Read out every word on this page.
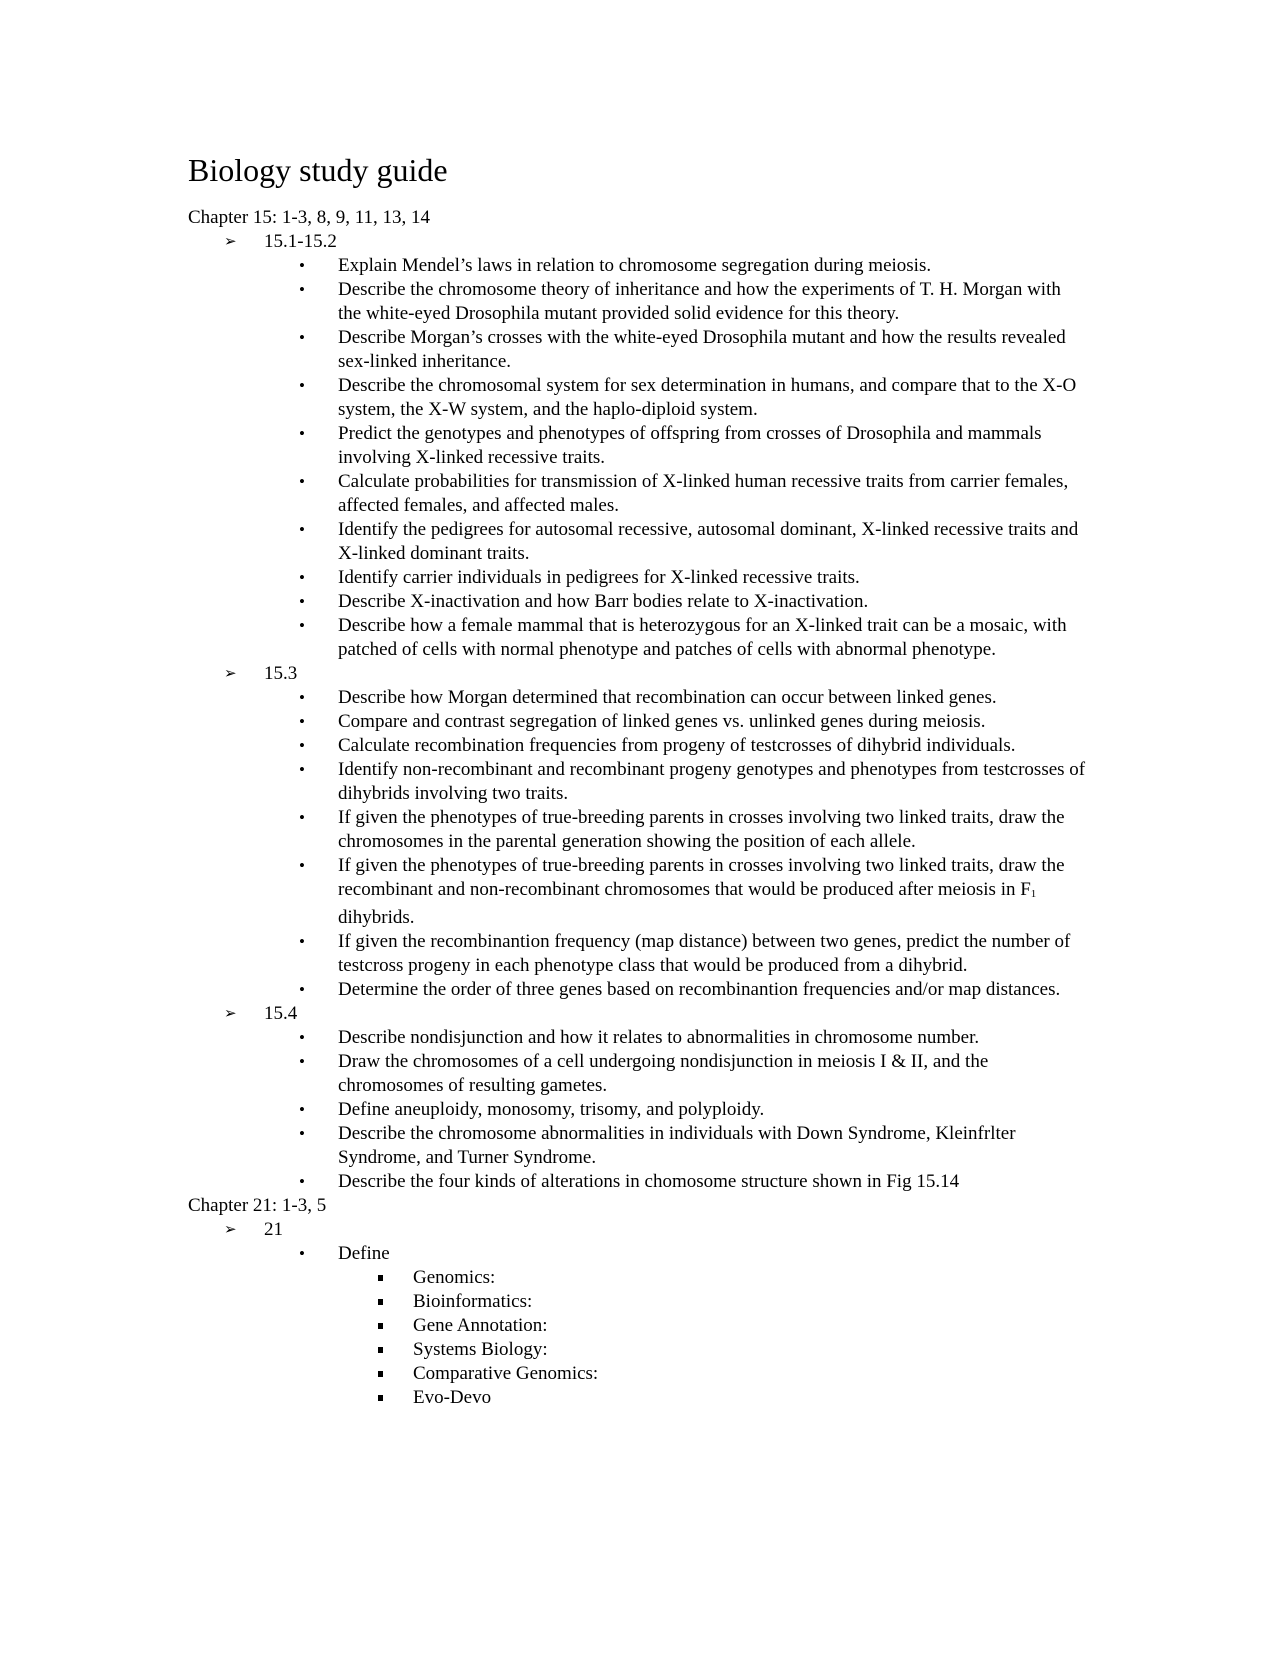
Biology study guide
Chapter 15: 1-3, 8, 9, 11, 13, 14
➢ 15.1-15.2
• Explain Mendel’s laws in relation to chromosome segregation during meiosis.
• Describe the chromosome theory of inheritance and how the experiments of T. H. Morgan with the white-eyed Drosophila mutant provided solid evidence for this theory.
• Describe Morgan’s crosses with the white-eyed Drosophila mutant and how the results revealed sex-linked inheritance.
• Describe the chromosomal system for sex determination in humans, and compare that to the X-O system, the X-W system, and the haplo-diploid system.
• Predict the genotypes and phenotypes of offspring from crosses of Drosophila and mammals involving X-linked recessive traits.
• Calculate probabilities for transmission of X-linked human recessive traits from carrier females, affected females, and affected males.
• Identify the pedigrees for autosomal recessive, autosomal dominant, X-linked recessive traits and X-linked dominant traits.
• Identify carrier individuals in pedigrees for X-linked recessive traits.
• Describe X-inactivation and how Barr bodies relate to X-inactivation.
• Describe how a female mammal that is heterozygous for an X-linked trait can be a mosaic, with patched of cells with normal phenotype and patches of cells with abnormal phenotype.
➢ 15.3
• Describe how Morgan determined that recombination can occur between linked genes.
• Compare and contrast segregation of linked genes vs. unlinked genes during meiosis.
• Calculate recombination frequencies from progeny of testcrosses of dihybrid individuals.
• Identify non-recombinant and recombinant progeny genotypes and phenotypes from testcrosses of dihybrids involving two traits.
• If given the phenotypes of true-breeding parents in crosses involving two linked traits, draw the chromosomes in the parental generation showing the position of each allele.
• If given the phenotypes of true-breeding parents in crosses involving two linked traits, draw the recombinant and non-recombinant chromosomes that would be produced after meiosis in $F_1$ dihybrids.
• If given the recombinantion frequency (map distance) between two genes, predict the number of testcross progeny in each phenotype class that would be produced from a dihybrid.
• Determine the order of three genes based on recombinantion frequencies and/or map distances.
➢ 15.4
• Describe nondisjunction and how it relates to abnormalities in chromosome number.
• Draw the chromosomes of a cell undergoing nondisjunction in meiosis I & II, and the chromosomes of resulting gametes.
• Define aneuploidy, monosomy, trisomy, and polyploidy.
• Describe the chromosome abnormalities in individuals with Down Syndrome, Kleinfrlter Syndrome, and Turner Syndrome.
• Describe the four kinds of alterations in chomosome structure shown in Fig 15.14
Chapter 21: 1-3, 5
➢ 21
• Define
Genomics:
Bioinformatics:
Gene Annotation:
Systems Biology:
Comparative Genomics:
Evo-Devo
